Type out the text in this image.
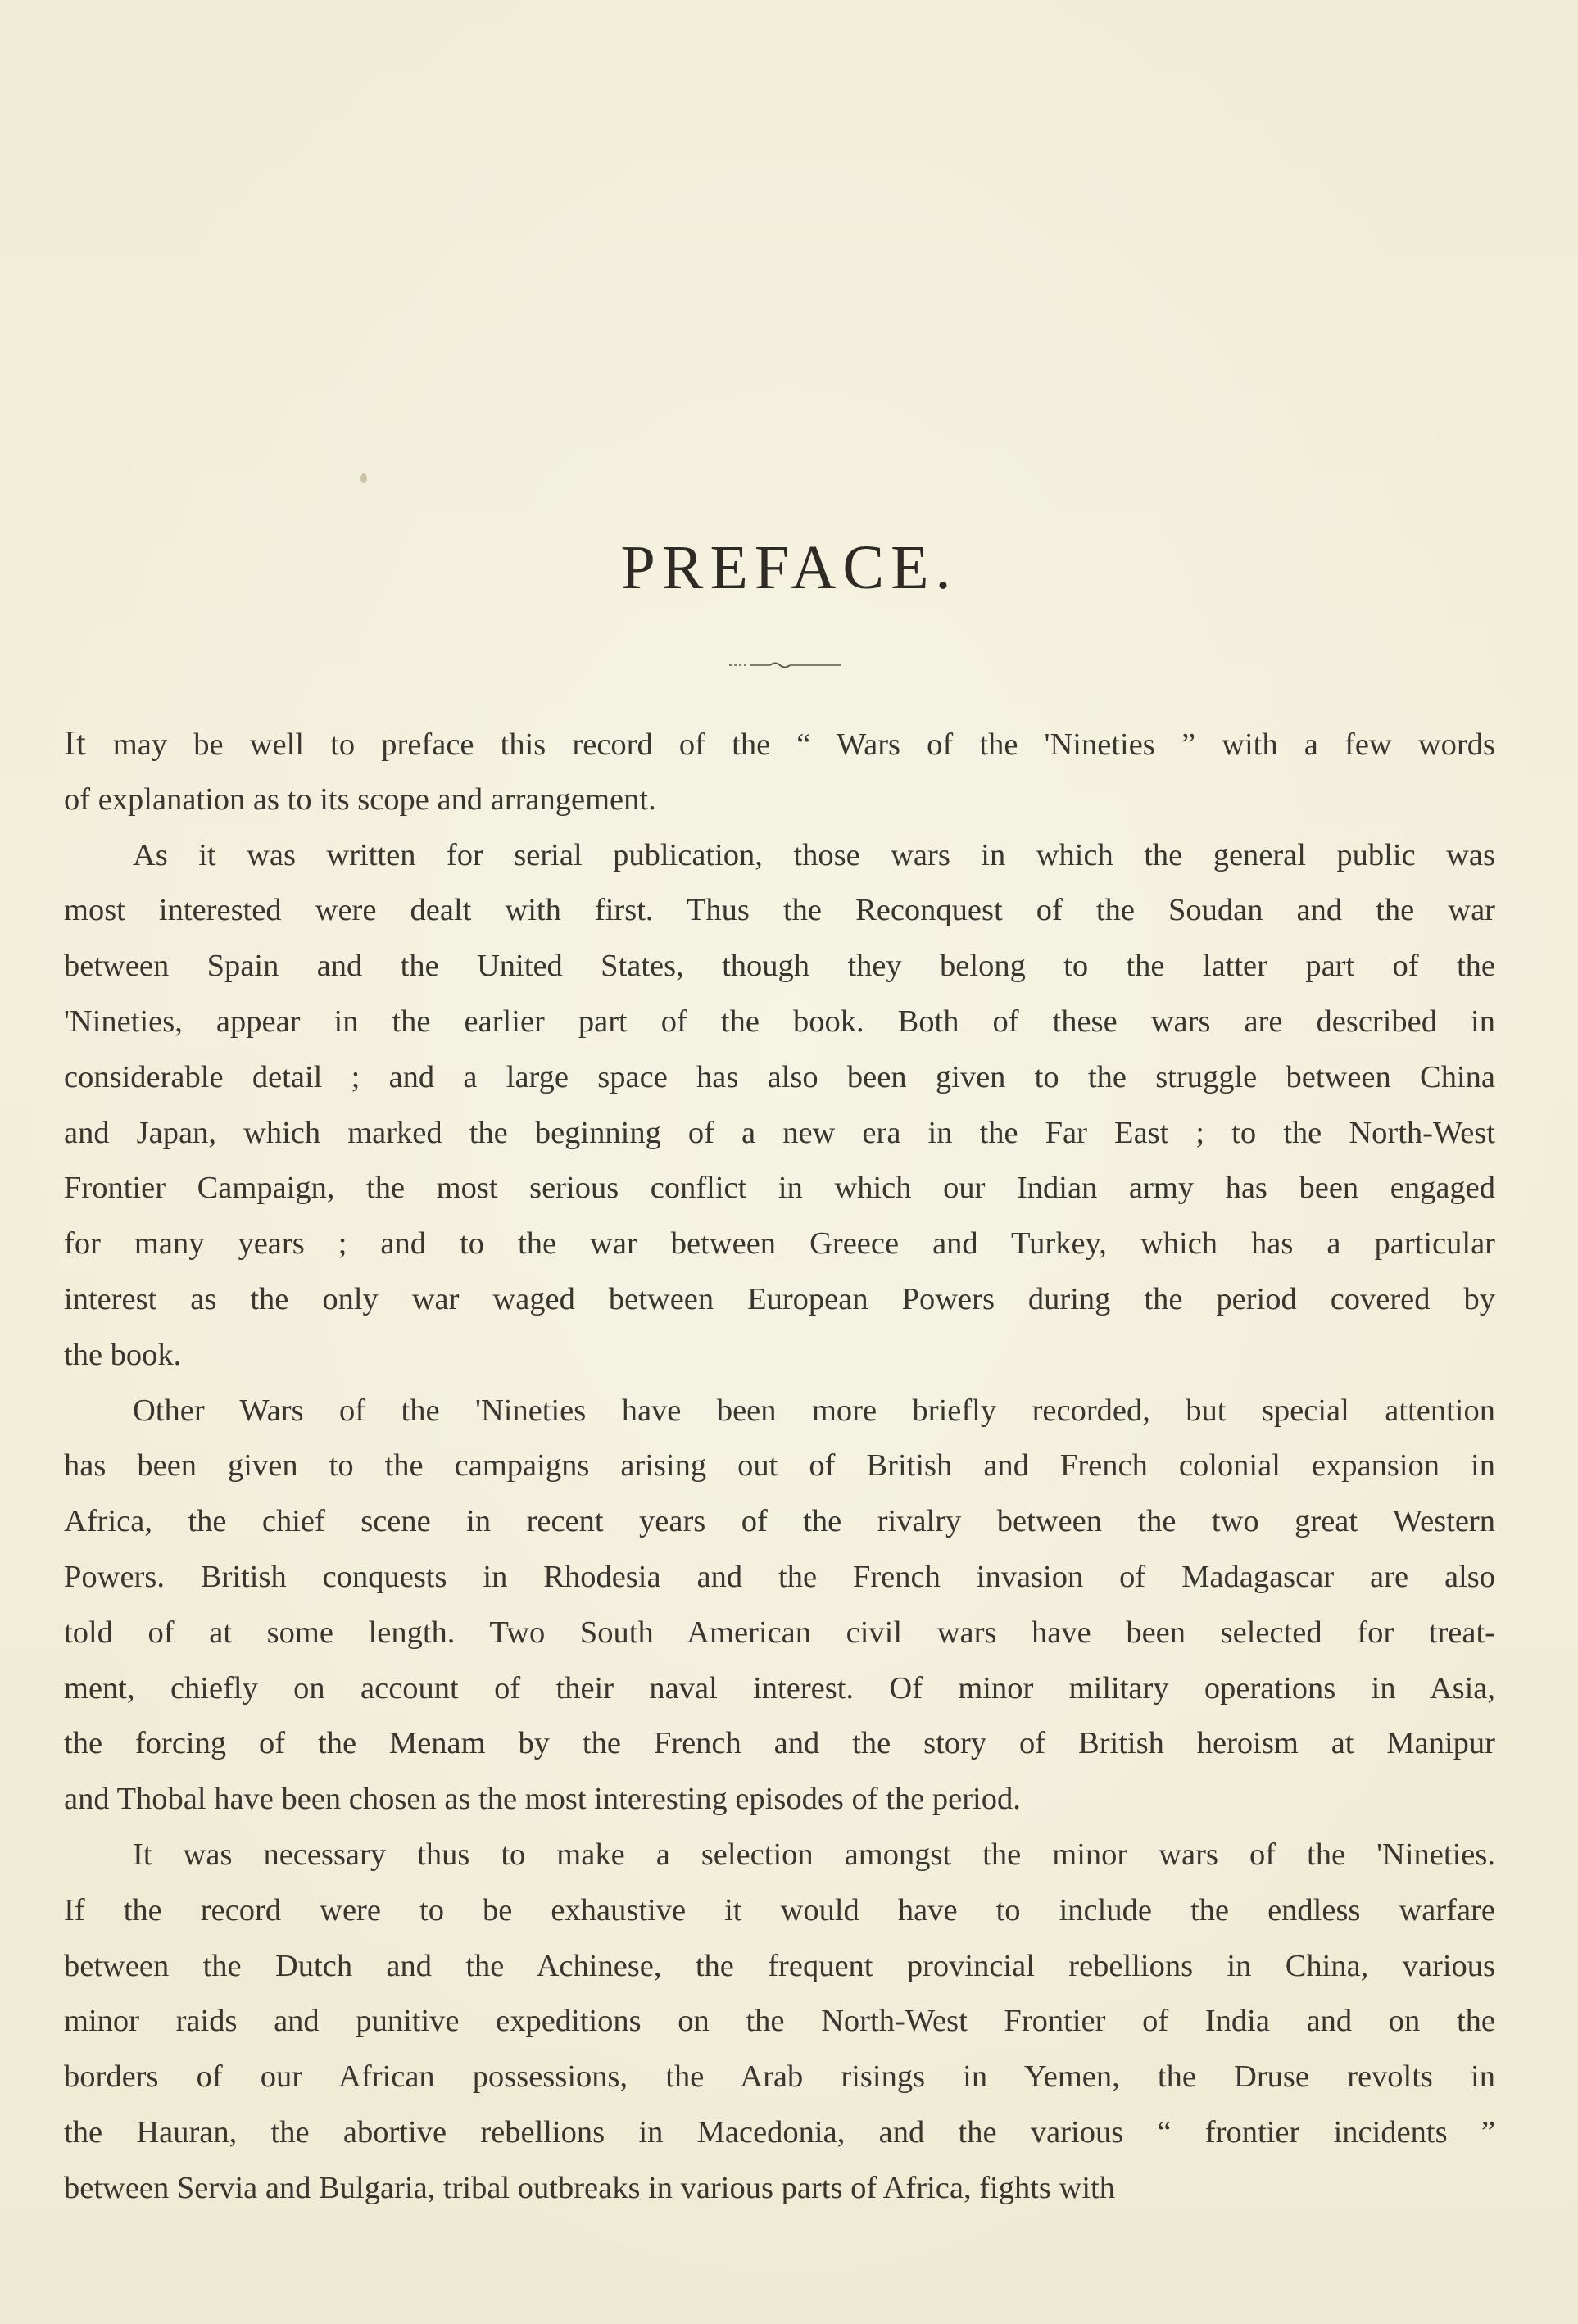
PREFACE.
It may be well to preface this record of the “ Wars of the 'Nineties ” with a few words
of explanation as to its scope and arrangement.
As it was written for serial publication, those wars in which the general public was
most interested were dealt with first. Thus the Reconquest of the Soudan and the war
between Spain and the United States, though they belong to the latter part of the
'Nineties, appear in the earlier part of the book. Both of these wars are described in
considerable detail ; and a large space has also been given to the struggle between China
and Japan, which marked the beginning of a new era in the Far East ; to the North-West
Frontier Campaign, the most serious conflict in which our Indian army has been engaged
for many years ; and to the war between Greece and Turkey, which has a particular
interest as the only war waged between European Powers during the period covered by
the book.
Other Wars of the 'Nineties have been more briefly recorded, but special attention
has been given to the campaigns arising out of British and French colonial expansion in
Africa, the chief scene in recent years of the rivalry between the two great Western
Powers. British conquests in Rhodesia and the French invasion of Madagascar are also
told of at some length. Two South American civil wars have been selected for treat-
ment, chiefly on account of their naval interest. Of minor military operations in Asia,
the forcing of the Menam by the French and the story of British heroism at Manipur
and Thobal have been chosen as the most interesting episodes of the period.
It was necessary thus to make a selection amongst the minor wars of the 'Nineties.
If the record were to be exhaustive it would have to include the endless warfare
between the Dutch and the Achinese, the frequent provincial rebellions in China, various
minor raids and punitive expeditions on the North-West Frontier of India and on the
borders of our African possessions, the Arab risings in Yemen, the Druse revolts in
the Hauran, the abortive rebellions in Macedonia, and the various “ frontier incidents ”
between Servia and Bulgaria, tribal outbreaks in various parts of Africa, fights with
